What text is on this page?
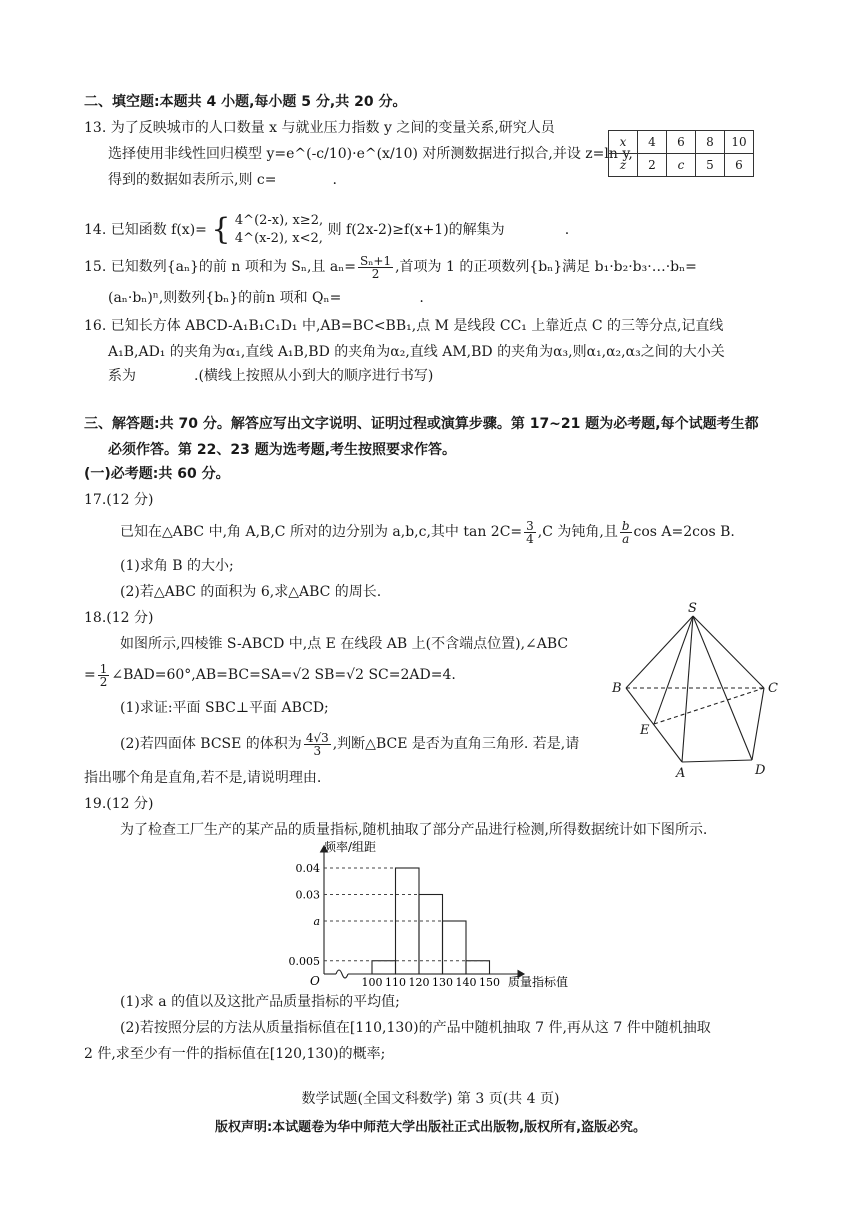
二、填空题:本题共 4 小题,每小题 5 分,共 20 分。
13. 为了反映城市的人口数量 x 与就业压力指数 y 之间的变量关系,研究人员
选择使用非线性回归模型 y=e^(-c/10)·e^(x/10) 对所测数据进行拟合,并设 z=ln y,
得到的数据如表所示,则 c=	.
x	4	6	8	10
z	2	c	5	6
14. 已知函数 f(x)= { 4^(2-x), x≥2,
4^(x-2), x<2,
则 f(2x-2)≥f(x+1)的解集为	.
15. 已知数列{aₙ}的前 n 项和为 Sₙ,且 $a_n= \frac{\text{Sₙ+1}}{2}$ ,首项为 1 的正项数列{bₙ}满足 b₁·b₂·b₃·…·bₙ=
(aₙ·bₙ)ⁿ,则数列{bₙ}的前n 项和 Qₙ=	.
16. 已知长方体 ABCD-A₁B₁C₁D₁ 中,AB=BC<BB₁,点 M 是线段 CC₁ 上靠近点 C 的三等分点,记直线
A₁B,AD₁ 的夹角为α₁,直线 A₁B,BD 的夹角为α₂,直线 AM,BD 的夹角为α₃,则α₁,α₂,α₃之间的大小关
系为	.(横线上按照从小到大的顺序进行书写)
三、解答题:共 70 分。解答应写出文字说明、证明过程或演算步骤。第 17~21 题为必考题,每个试题考生都
必须作答。第 22、23 题为选考题,考生按照要求作答。
(一)必考题:共 60 分。
17.(12 分)
已知在△ABC 中,角 A,B,C 所对的边分别为 a,b,c,其中 $\tan 2C= \frac{3}{4} ,C$ 为钝角,且 $\frac{b}{a}$ cos A=2cos B.
(1)求角 B 的大小;
(2)若△ABC 的面积为 6,求△ABC 的周长.
18.(12 分)
如图所示,四棱锥 S-ABCD 中,点 E 在线段 AB 上(不含端点位置),∠ABC
= $\frac{1}{2}$ ∠BAD=60°,AB=BC=SA=√2 SB=√2 SC=2AD=4.
(1)求证:平面 SBC⊥平面 ABCD;
(2)若四面体 BCSE 的体积为 $\frac{4√3}{3}$ ,判断△BCE 是否为直角三角形. 若是,请
指出哪个角是直角,若不是,请说明理由.
S
B	C
E
A	D
19.(12 分)
为了检查工厂生产的某产品的质量指标,随机抽取了部分产品进行检测,所得数据统计如下图所示.
频率/组距
质量指标值
O
0.04
0.03
a
0.005
100 110 120 130 140 150
(1)求 a 的值以及这批产品质量指标的平均值;
(2)若按照分层的方法从质量指标值在[110,130)的产品中随机抽取 7 件,再从这 7 件中随机抽取
2 件,求至少有一件的指标值在[120,130)的概率;
数学试题(全国文科数学) 第 3 页(共 4 页)
版权声明:本试题卷为华中师范大学出版社正式出版物,版权所有,盗版必究。
